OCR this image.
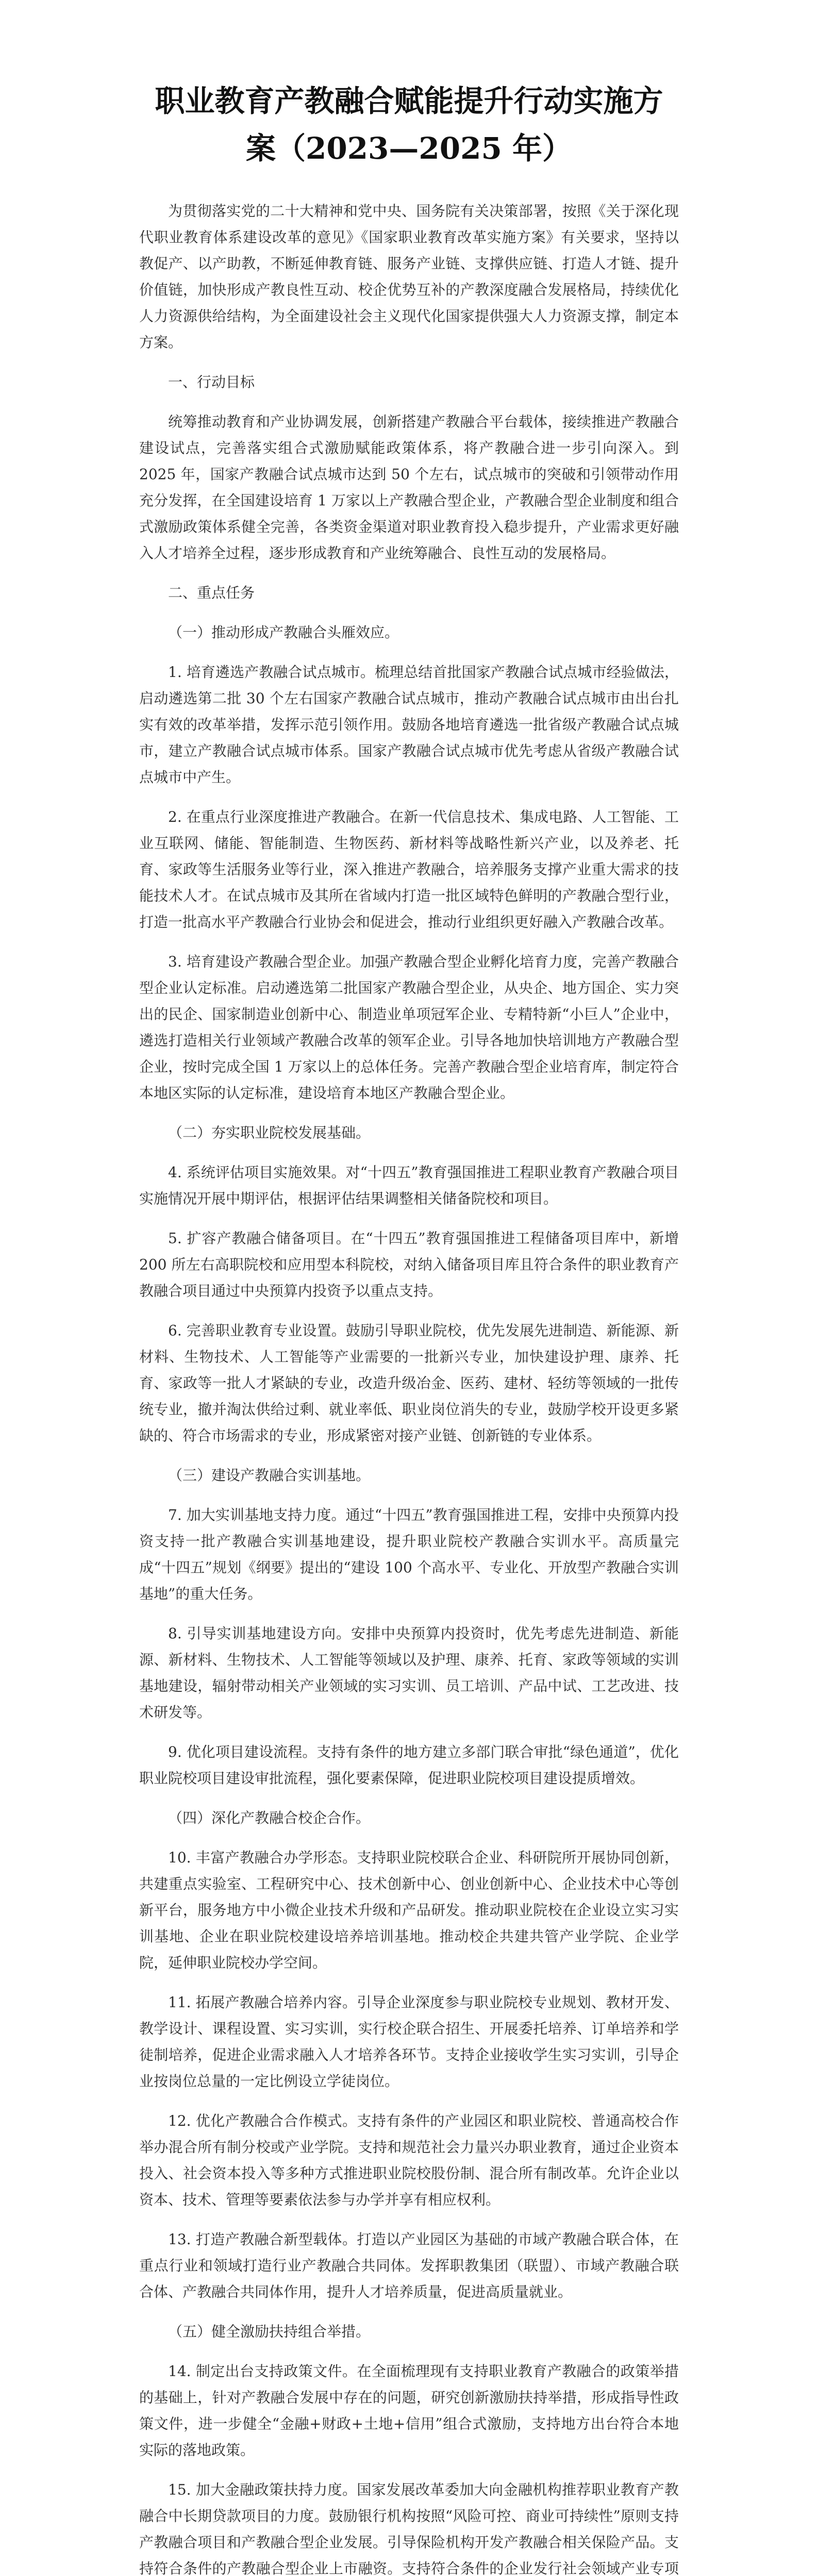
职业教育产教融合赋能提升行动实施方
案（2023—2025 年）

为贯彻落实党的二十大精神和党中央、国务院有关决策部署，按照《关于深化现代职业教育体系建设改革的意见》《国家职业教育改革实施方案》有关要求，坚持以教促产、以产助教，不断延伸教育链、服务产业链、支撑供应链、打造人才链、提升价值链，加快形成产教良性互动、校企优势互补的产教深度融合发展格局，持续优化人力资源供给结构，为全面建设社会主义现代化国家提供强大人力资源支撑，制定本方案。

一、行动目标

统筹推动教育和产业协调发展，创新搭建产教融合平台载体，接续推进产教融合建设试点，完善落实组合式激励赋能政策体系，将产教融合进一步引向深入。到 2025 年，国家产教融合试点城市达到 50 个左右，试点城市的突破和引领带动作用充分发挥，在全国建设培育 1 万家以上产教融合型企业，产教融合型企业制度和组合式激励政策体系健全完善，各类资金渠道对职业教育投入稳步提升，产业需求更好融入人才培养全过程，逐步形成教育和产业统筹融合、良性互动的发展格局。

二、重点任务

（一）推动形成产教融合头雁效应。

1. 培育遴选产教融合试点城市。梳理总结首批国家产教融合试点城市经验做法，启动遴选第二批 30 个左右国家产教融合试点城市，推动产教融合试点城市由出台扎实有效的改革举措，发挥示范引领作用。鼓励各地培育遴选一批省级产教融合试点城市，建立产教融合试点城市体系。国家产教融合试点城市优先考虑从省级产教融合试点城市中产生。

2. 在重点行业深度推进产教融合。在新一代信息技术、集成电路、人工智能、工业互联网、储能、智能制造、生物医药、新材料等战略性新兴产业，以及养老、托育、家政等生活服务业等行业，深入推进产教融合，培养服务支撑产业重大需求的技能技术人才。在试点城市及其所在省域内打造一批区域特色鲜明的产教融合型行业，打造一批高水平产教融合行业协会和促进会，推动行业组织更好融入产教融合改革。

3. 培育建设产教融合型企业。加强产教融合型企业孵化培育力度，完善产教融合型企业认定标准。启动遴选第二批国家产教融合型企业，从央企、地方国企、实力突出的民企、国家制造业创新中心、制造业单项冠军企业、专精特新“小巨人”企业中，遴选打造相关行业领域产教融合改革的领军企业。引导各地加快培训地方产教融合型企业，按时完成全国 1 万家以上的总体任务。完善产教融合型企业培育库，制定符合本地区实际的认定标准，建设培育本地区产教融合型企业。

（二）夯实职业院校发展基础。

4. 系统评估项目实施效果。对“十四五”教育强国推进工程职业教育产教融合项目实施情况开展中期评估，根据评估结果调整相关储备院校和项目。

5. 扩容产教融合储备项目。在“十四五”教育强国推进工程储备项目库中，新增 200 所左右高职院校和应用型本科院校，对纳入储备项目库且符合条件的职业教育产教融合项目通过中央预算内投资予以重点支持。

6. 完善职业教育专业设置。鼓励引导职业院校，优先发展先进制造、新能源、新材料、生物技术、人工智能等产业需要的一批新兴专业，加快建设护理、康养、托育、家政等一批人才紧缺的专业，改造升级冶金、医药、建材、轻纺等领域的一批传统专业，撤并淘汰供给过剩、就业率低、职业岗位消失的专业，鼓励学校开设更多紧缺的、符合市场需求的专业，形成紧密对接产业链、创新链的专业体系。

（三）建设产教融合实训基地。

7. 加大实训基地支持力度。通过“十四五”教育强国推进工程，安排中央预算内投资支持一批产教融合实训基地建设，提升职业院校产教融合实训水平。高质量完成“十四五”规划《纲要》提出的“建设 100 个高水平、专业化、开放型产教融合实训基地”的重大任务。

8. 引导实训基地建设方向。安排中央预算内投资时，优先考虑先进制造、新能源、新材料、生物技术、人工智能等领域以及护理、康养、托育、家政等领域的实训基地建设，辐射带动相关产业领域的实习实训、员工培训、产品中试、工艺改进、技术研发等。

9. 优化项目建设流程。支持有条件的地方建立多部门联合审批“绿色通道”，优化职业院校项目建设审批流程，强化要素保障，促进职业院校项目建设提质增效。

（四）深化产教融合校企合作。

10. 丰富产教融合办学形态。支持职业院校联合企业、科研院所开展协同创新，共建重点实验室、工程研究中心、技术创新中心、创业创新中心、企业技术中心等创新平台，服务地方中小微企业技术升级和产品研发。推动职业院校在企业设立实习实训基地、企业在职业院校建设培养培训基地。推动校企共建共管产业学院、企业学院，延伸职业院校办学空间。

11. 拓展产教融合培养内容。引导企业深度参与职业院校专业规划、教材开发、教学设计、课程设置、实习实训，实行校企联合招生、开展委托培养、订单培养和学徒制培养，促进企业需求融入人才培养各环节。支持企业接收学生实习实训，引导企业按岗位总量的一定比例设立学徒岗位。

12. 优化产教融合合作模式。支持有条件的产业园区和职业院校、普通高校合作举办混合所有制分校或产业学院。支持和规范社会力量兴办职业教育，通过企业资本投入、社会资本投入等多种方式推进职业院校股份制、混合所有制改革。允许企业以资本、技术、管理等要素依法参与办学并享有相应权利。

13. 打造产教融合新型载体。打造以产业园区为基础的市域产教融合联合体，在重点行业和领域打造行业产教融合共同体。发挥职教集团（联盟）、市域产教融合联合体、产教融合共同体作用，提升人才培养质量，促进高质量就业。

（五）健全激励扶持组合举措。

14. 制定出台支持政策文件。在全面梳理现有支持职业教育产教融合的政策举措的基础上，针对产教融合发展中存在的问题，研究创新激励扶持举措，形成指导性政策文件，进一步健全“金融+财政+土地+信用”组合式激励，支持地方出台符合本地实际的落地政策。

15. 加大金融政策扶持力度。国家发展改革委加大向金融机构推荐职业教育产教融合中长期贷款项目的力度。鼓励银行机构按照“风险可控、商业可持续性”原则支持产教融合项目和产教融合型企业发展。引导保险机构开发产教融合相关保险产品。支持符合条件的产教融合型企业上市融资。支持符合条件的企业发行社会领域产业专项
